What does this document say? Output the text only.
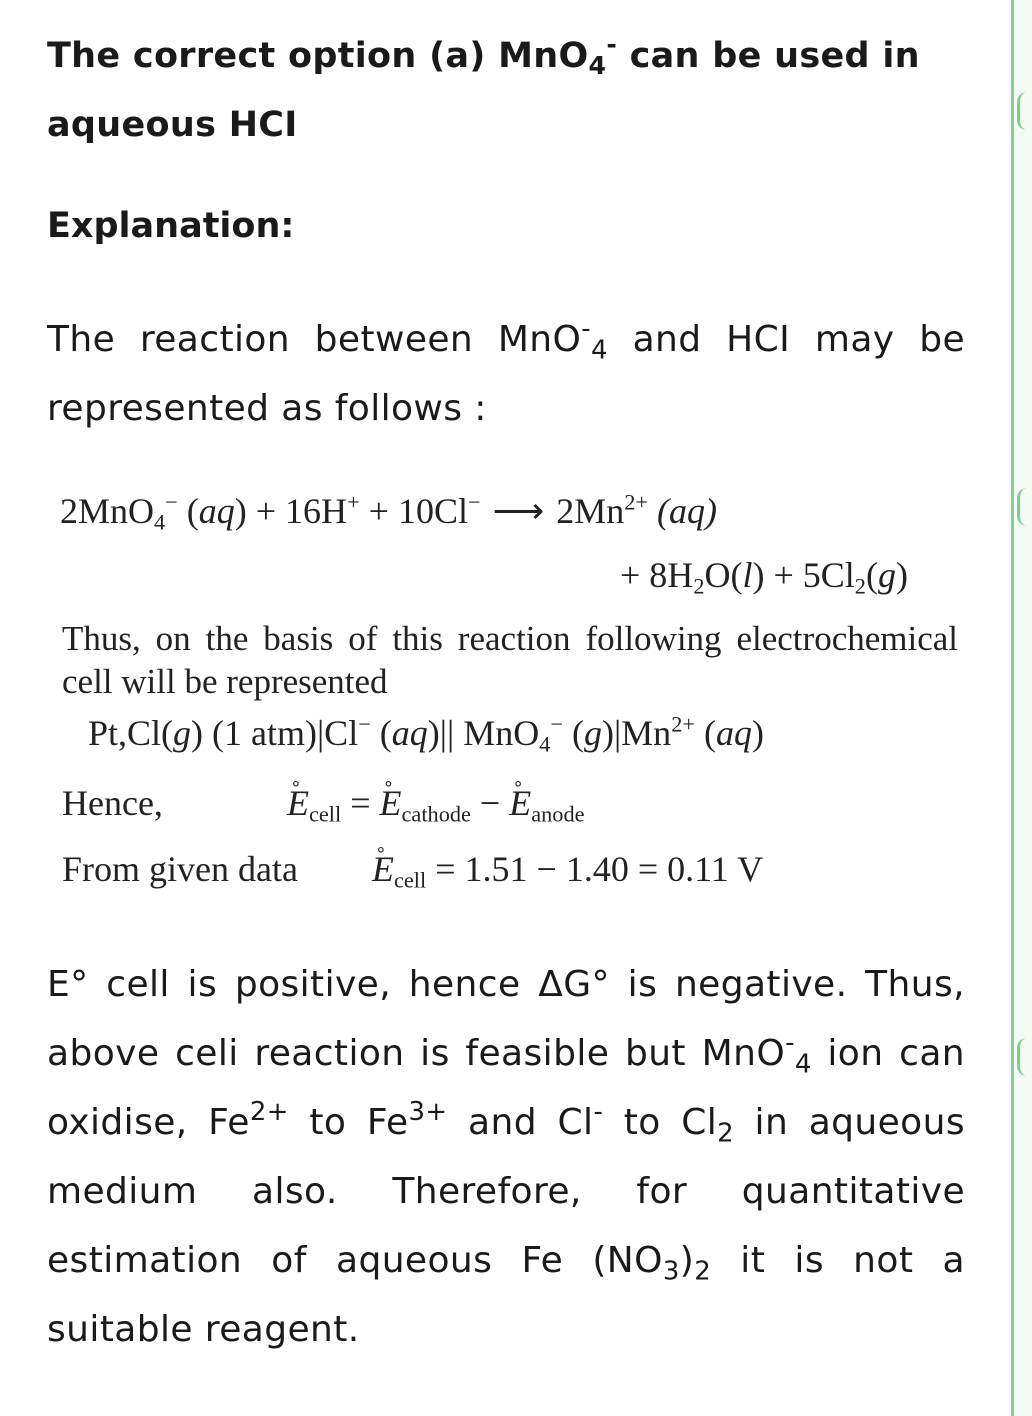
The correct option (a) MnO$_4$- can be used in aqueous HCI
Explanation:
The reaction between MnO-$_4$ and HCI may be represented as follows :
2MnO$_4$− (aq) + 16H+ + 10Cl− ⟶ $2Mn^{2+}$ (aq)
+ $8H_2O(l) + 5Cl_2(g)$
Thus, on the basis of this reaction following electrochemical cell will be represented
Pt,Cl(g) (1 atm)|Cl− (aq)|| MnO$_4$− $(g)|Mn^{2+}$ (aq)
Hence,	∘ $E_{cell}$ = ∘ $E_{cathode}$ − ∘ $E_{anode}$
From given data ∘ $E_{cell} = 1.51 - 1.40 = 0.11$ V
E° cell is positive, hence ΔG° is negative. Thus, above celi reaction is feasible but MnO-$_4$ ion can oxidise, $Fe^{2+}$ to $Fe^{3+}$ and Cl- to $Cl_2$ in aqueous medium also. Therefore, for quantitative estimation of aqueous Fe $(NO_3)_2$ it is not a suitable reagent.
